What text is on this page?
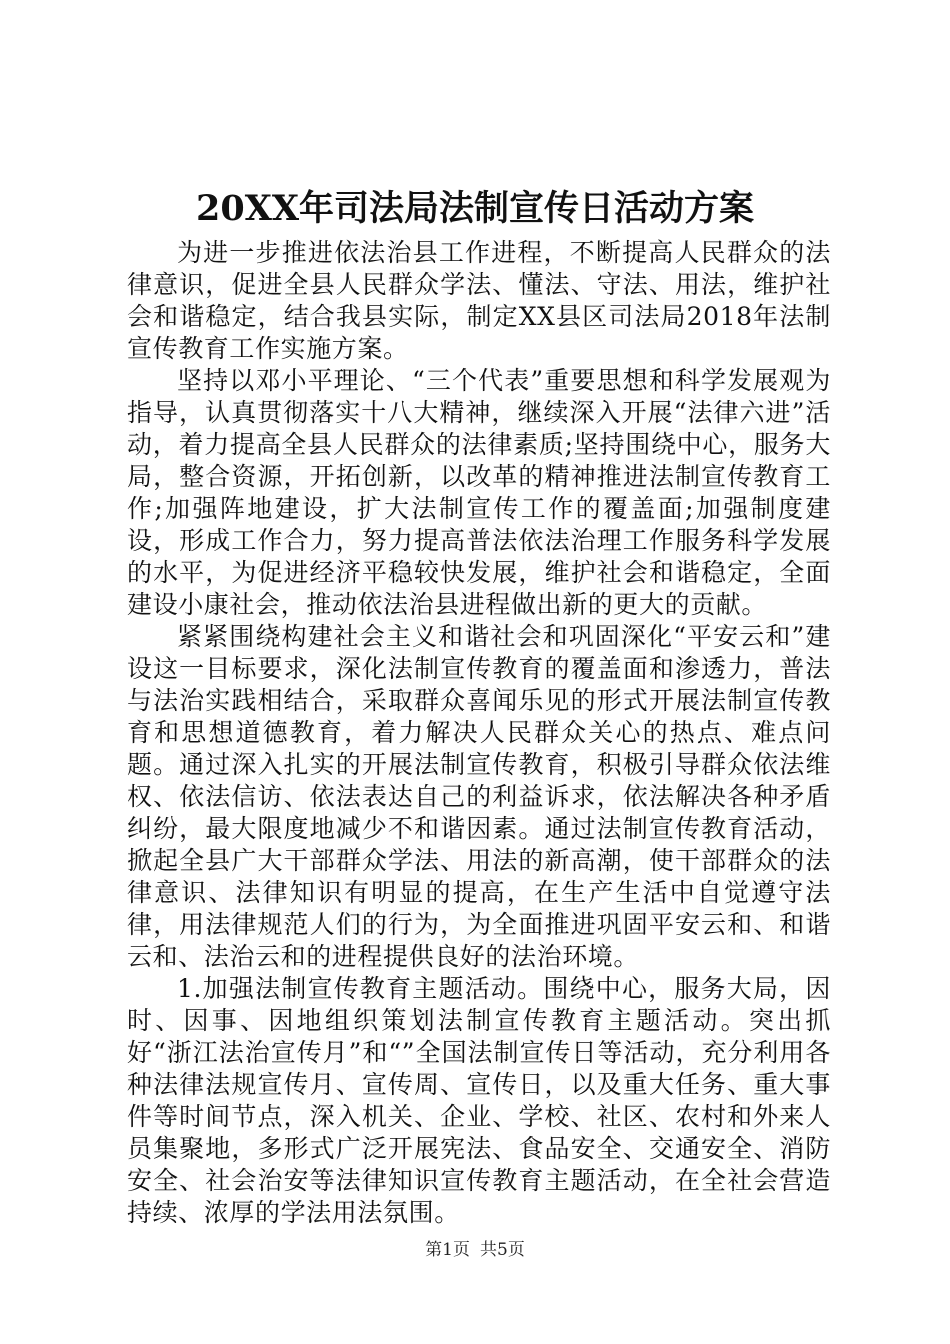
20XX年司法局法制宣传日活动方案

为进一步推进依法治县工作进程，不断提高人民群众的法律意识，促进全县人民群众学法、懂法、守法、用法，维护社会和谐稳定，结合我县实际，制定XX县区司法局2018年法制宣传教育工作实施方案。

坚持以邓小平理论、“三个代表”重要思想和科学发展观为指导，认真贯彻落实十八大精神，继续深入开展“法律六进”活动，着力提高全县人民群众的法律素质;坚持围绕中心，服务大局，整合资源，开拓创新，以改革的精神推进法制宣传教育工作;加强阵地建设，扩大法制宣传工作的覆盖面;加强制度建设，形成工作合力，努力提高普法依法治理工作服务科学发展的水平，为促进经济平稳较快发展，维护社会和谐稳定，全面建设小康社会，推动依法治县进程做出新的更大的贡献。

紧紧围绕构建社会主义和谐社会和巩固深化“平安云和”建设这一目标要求，深化法制宣传教育的覆盖面和渗透力，普法与法治实践相结合，采取群众喜闻乐见的形式开展法制宣传教育和思想道德教育，着力解决人民群众关心的热点、难点问题。通过深入扎实的开展法制宣传教育，积极引导群众依法维权、依法信访、依法表达自己的利益诉求，依法解决各种矛盾纠纷，最大限度地减少不和谐因素。通过法制宣传教育活动，掀起全县广大干部群众学法、用法的新高潮，使干部群众的法律意识、法律知识有明显的提高，在生产生活中自觉遵守法律，用法律规范人们的行为，为全面推进巩固平安云和、和谐云和、法治云和的进程提供良好的法治环境。

1.加强法制宣传教育主题活动。围绕中心，服务大局，因时、因事、因地组织策划法制宣传教育主题活动。突出抓好“浙江法治宣传月”和“”全国法制宣传日等活动，充分利用各种法律法规宣传月、宣传周、宣传日，以及重大任务、重大事件等时间节点，深入机关、企业、学校、社区、农村和外来人员集聚地，多形式广泛开展宪法、食品安全、交通安全、消防安全、社会治安等法律知识宣传教育主题活动，在全社会营造持续、浓厚的学法用法氛围。

第1页 共5页
